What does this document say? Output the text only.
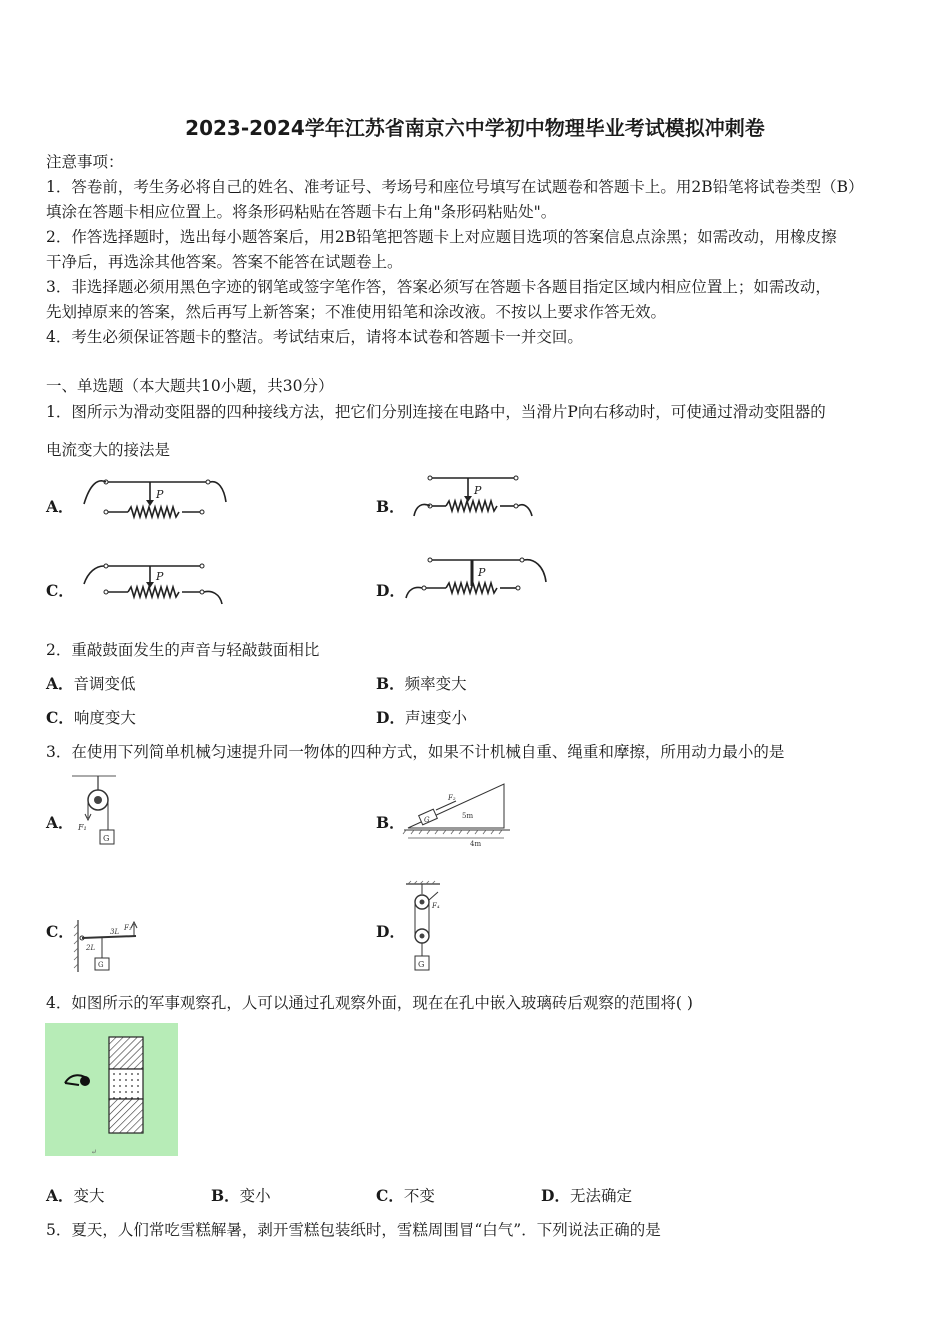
2023-2024学年江苏省南京六中学初中物理毕业考试模拟冲刺卷
注意事项：
1．答卷前，考生务必将自己的姓名、准考证号、考场号和座位号填写在试题卷和答题卡上。用2B铅笔将试卷类型（B）
填涂在答题卡相应位置上。将条形码粘贴在答题卡右上角"条形码粘贴处"。
2．作答选择题时，选出每小题答案后，用2B铅笔把答题卡上对应题目选项的答案信息点涂黑；如需改动，用橡皮擦
干净后，再选涂其他答案。答案不能答在试题卷上。
3．非选择题必须用黑色字迹的钢笔或签字笔作答，答案必须写在答题卡各题目指定区域内相应位置上；如需改动，
先划掉原来的答案，然后再写上新答案；不准使用铅笔和涂改液。不按以上要求作答无效。
4．考生必须保证答题卡的整洁。考试结束后，请将本试卷和答题卡一并交回。
一、单选题（本大题共10小题，共30分）
1．图所示为滑动变阻器的四种接线方法，把它们分别连接在电路中，当滑片P向右移动时，可使通过滑动变阻器的
电流变大的接法是
A．	B．
C．	D．
P	P
P	P
2．重敲鼓面发生的声音与轻敲鼓面相比
A．音调变低	B．频率变大
C．响度变大	D．声速变小
3．在使用下列简单机械匀速提升同一物体的四种方式，如果不计机械自重、绳重和摩擦，所用动力最小的是
A．	B．
C．	D．
F₁
G
G
F₂
5m
4m
F₃
3L
2L
G
F₄
G
4．如图所示的军事观察孔，人可以通过孔观察外面，现在在孔中嵌入玻璃砖后观察的范围将( )
↵
A．变大	B．变小	C．不变	D．无法确定
5．夏天，人们常吃雪糕解暑，剥开雪糕包装纸时，雪糕周围冒“白气”．下列说法正确的是
